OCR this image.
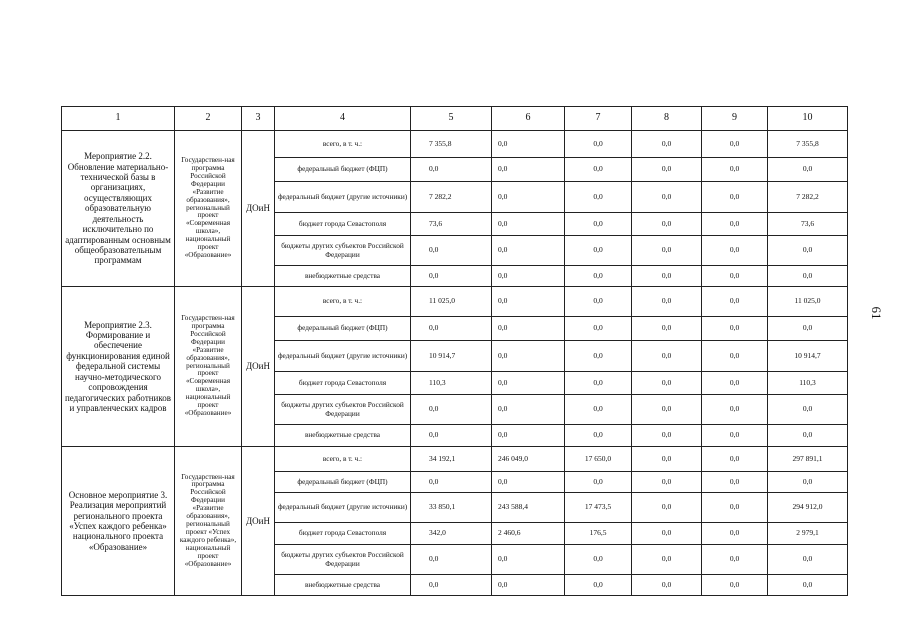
1	2	3	4	5	6	7	8	9	10
Мероприятие 2.2. Обновление материально-технической базы в организациях, осуществляющих образовательную деятельность исключительно по адаптированным основным общеобразовательным программам	Государствен-ная программа Российской Федерации «Развитие образования», региональный проект «Современная школа», национальный проект «Образование»	ДОиН	всего, в т. ч.:	7 355,8	0,0	0,0	0,0	0,0	7 355,8
			федеральный бюджет (ФЦП)	0,0	0,0	0,0	0,0	0,0	0,0
			федеральный бюджет (другие источники)	7 282,2	0,0	0,0	0,0	0,0	7 282,2
			бюджет города Севастополя	73,6	0,0	0,0	0,0	0,0	73,6
			бюджеты других субъектов Российской Федерации	0,0	0,0	0,0	0,0	0,0	0,0
			внебюджетные средства	0,0	0,0	0,0	0,0	0,0	0,0
Мероприятие 2.3. Формирование и обеспечение функционирования единой федеральной системы научно-методического сопровождения педагогических работников и управленческих кадров	Государствен-ная программа Российской Федерации «Развитие образования», региональный проект «Современная школа», национальный проект «Образование»	ДОиН	всего, в т. ч.:	11 025,0	0,0	0,0	0,0	0,0	11 025,0
			федеральный бюджет (ФЦП)	0,0	0,0	0,0	0,0	0,0	0,0
			федеральный бюджет (другие источники)	10 914,7	0,0	0,0	0,0	0,0	10 914,7
			бюджет города Севастополя	110,3	0,0	0,0	0,0	0,0	110,3
			бюджеты других субъектов Российской Федерации	0,0	0,0	0,0	0,0	0,0	0,0
			внебюджетные средства	0,0	0,0	0,0	0,0	0,0	0,0
Основное мероприятие 3. Реализация мероприятий регионального проекта «Успех каждого ребенка» национального проекта «Образование»	Государствен-ная программа Российской Федерации «Развитие образования», региональный проект «Успех каждого ребенка», национальный проект «Образование»	ДОиН	всего, в т. ч.:	34 192,1	246 049,0	17 650,0	0,0	0,0	297 891,1
			федеральный бюджет (ФЦП)	0,0	0,0	0,0	0,0	0,0	0,0
			федеральный бюджет (другие источники)	33 850,1	243 588,4	17 473,5	0,0	0,0	294 912,0
			бюджет города Севастополя	342,0	2 460,6	176,5	0,0	0,0	2 979,1
			бюджеты других субъектов Российской Федерации	0,0	0,0	0,0	0,0	0,0	0,0
			внебюджетные средства	0,0	0,0	0,0	0,0	0,0	0,0
61
